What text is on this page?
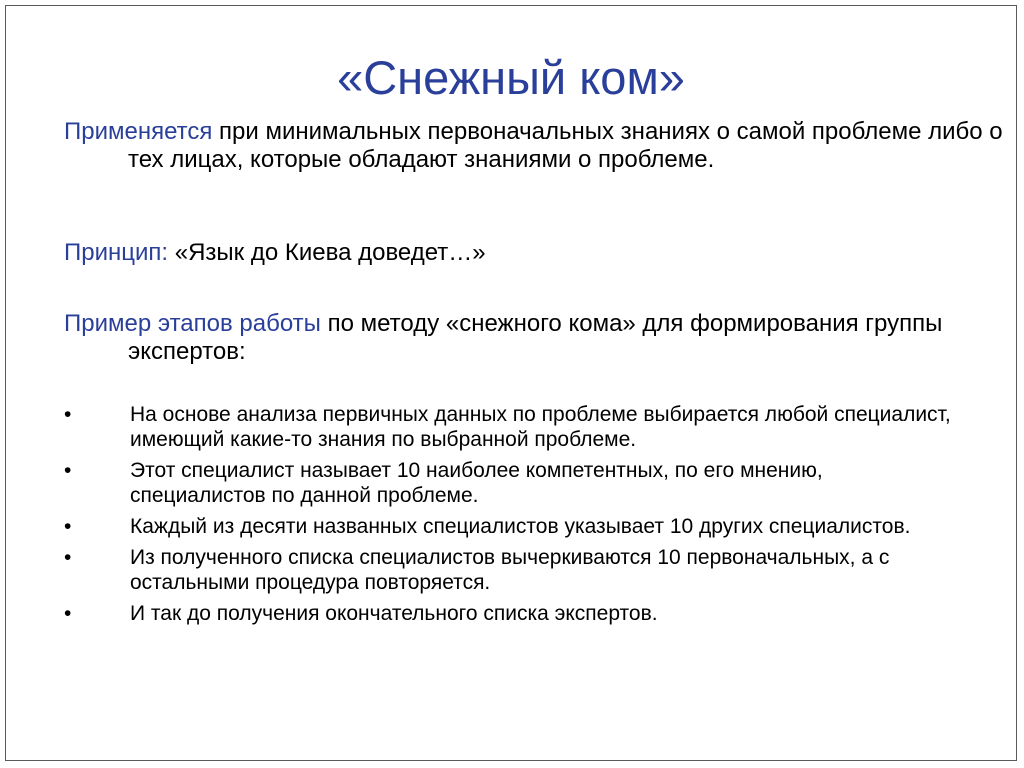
«Снежный ком»
Применяется при минимальных первоначальных знаниях о самой проблеме либо о тех лицах, которые обладают знаниями о проблеме.
Принцип: «Язык до Киева доведет…»
Пример этапов работы по методу «снежного кома» для формирования группы экспертов:
•	На основе анализа первичных данных по проблеме выбирается любой специалист, имеющий какие-то знания по выбранной проблеме.
•	Этот специалист называет 10 наиболее компетентных, по его мнению, специалистов по данной проблеме.
•	Каждый из десяти названных специалистов указывает 10 других специалистов.
•	Из полученного списка специалистов вычеркиваются 10 первоначальных, а с остальными процедура повторяется.
•	И так до получения окончательного списка экспертов.
